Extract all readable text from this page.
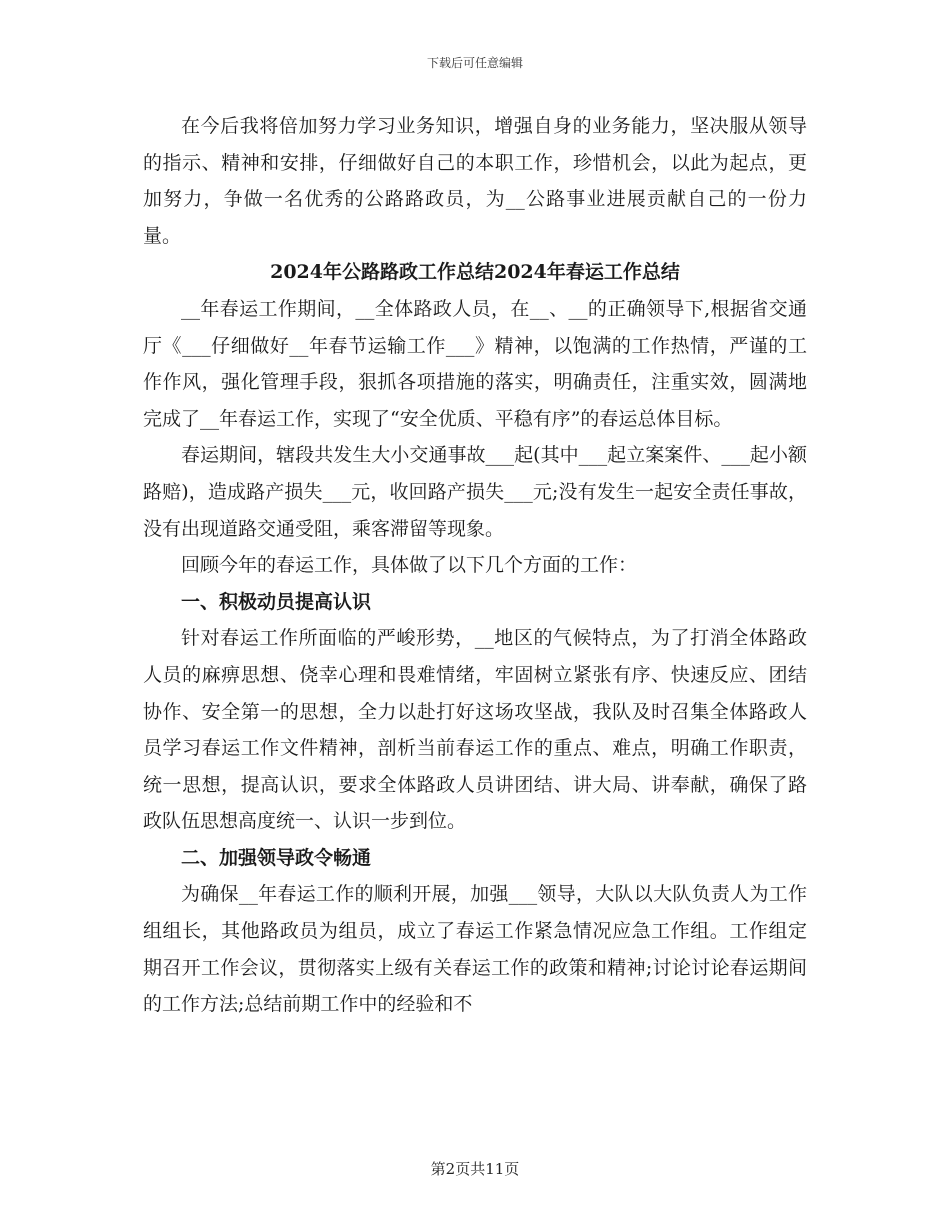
下载后可任意编辑

在今后我将倍加努力学习业务知识，增强自身的业务能力，坚决服从领导的指示、精神和安排，仔细做好自己的本职工作，珍惜机会，以此为起点，更加努力，争做一名优秀的公路路政员，为__公路事业进展贡献自己的一份力量。

2024年公路路政工作总结2024年春运工作总结

__年春运工作期间，__全体路政人员，在__、__的正确领导下,根据省交通厅《___仔细做好__年春节运输工作___》精神，以饱满的工作热情，严谨的工作作风，强化管理手段，狠抓各项措施的落实，明确责任，注重实效，圆满地完成了__年春运工作，实现了“安全优质、平稳有序”的春运总体目标。

春运期间，辖段共发生大小交通事故___起(其中___起立案案件、___起小额路赔)，造成路产损失___元，收回路产损失___元;没有发生一起安全责任事故，没有出现道路交通受阻，乘客滞留等现象。

回顾今年的春运工作，具体做了以下几个方面的工作：

一、积极动员提高认识

针对春运工作所面临的严峻形势，__地区的气候特点，为了打消全体路政人员的麻痹思想、侥幸心理和畏难情绪，牢固树立紧张有序、快速反应、团结协作、安全第一的思想，全力以赴打好这场攻坚战，我队及时召集全体路政人员学习春运工作文件精神，剖析当前春运工作的重点、难点，明确工作职责，统一思想，提高认识，要求全体路政人员讲团结、讲大局、讲奉献，确保了路政队伍思想高度统一、认识一步到位。

二、加强领导政令畅通

为确保__年春运工作的顺利开展，加强___领导，大队以大队负责人为工作组组长，其他路政员为组员，成立了春运工作紧急情况应急工作组。工作组定期召开工作会议，贯彻落实上级有关春运工作的政策和精神;讨论讨论春运期间的工作方法;总结前期工作中的经验和不

第2页共11页
